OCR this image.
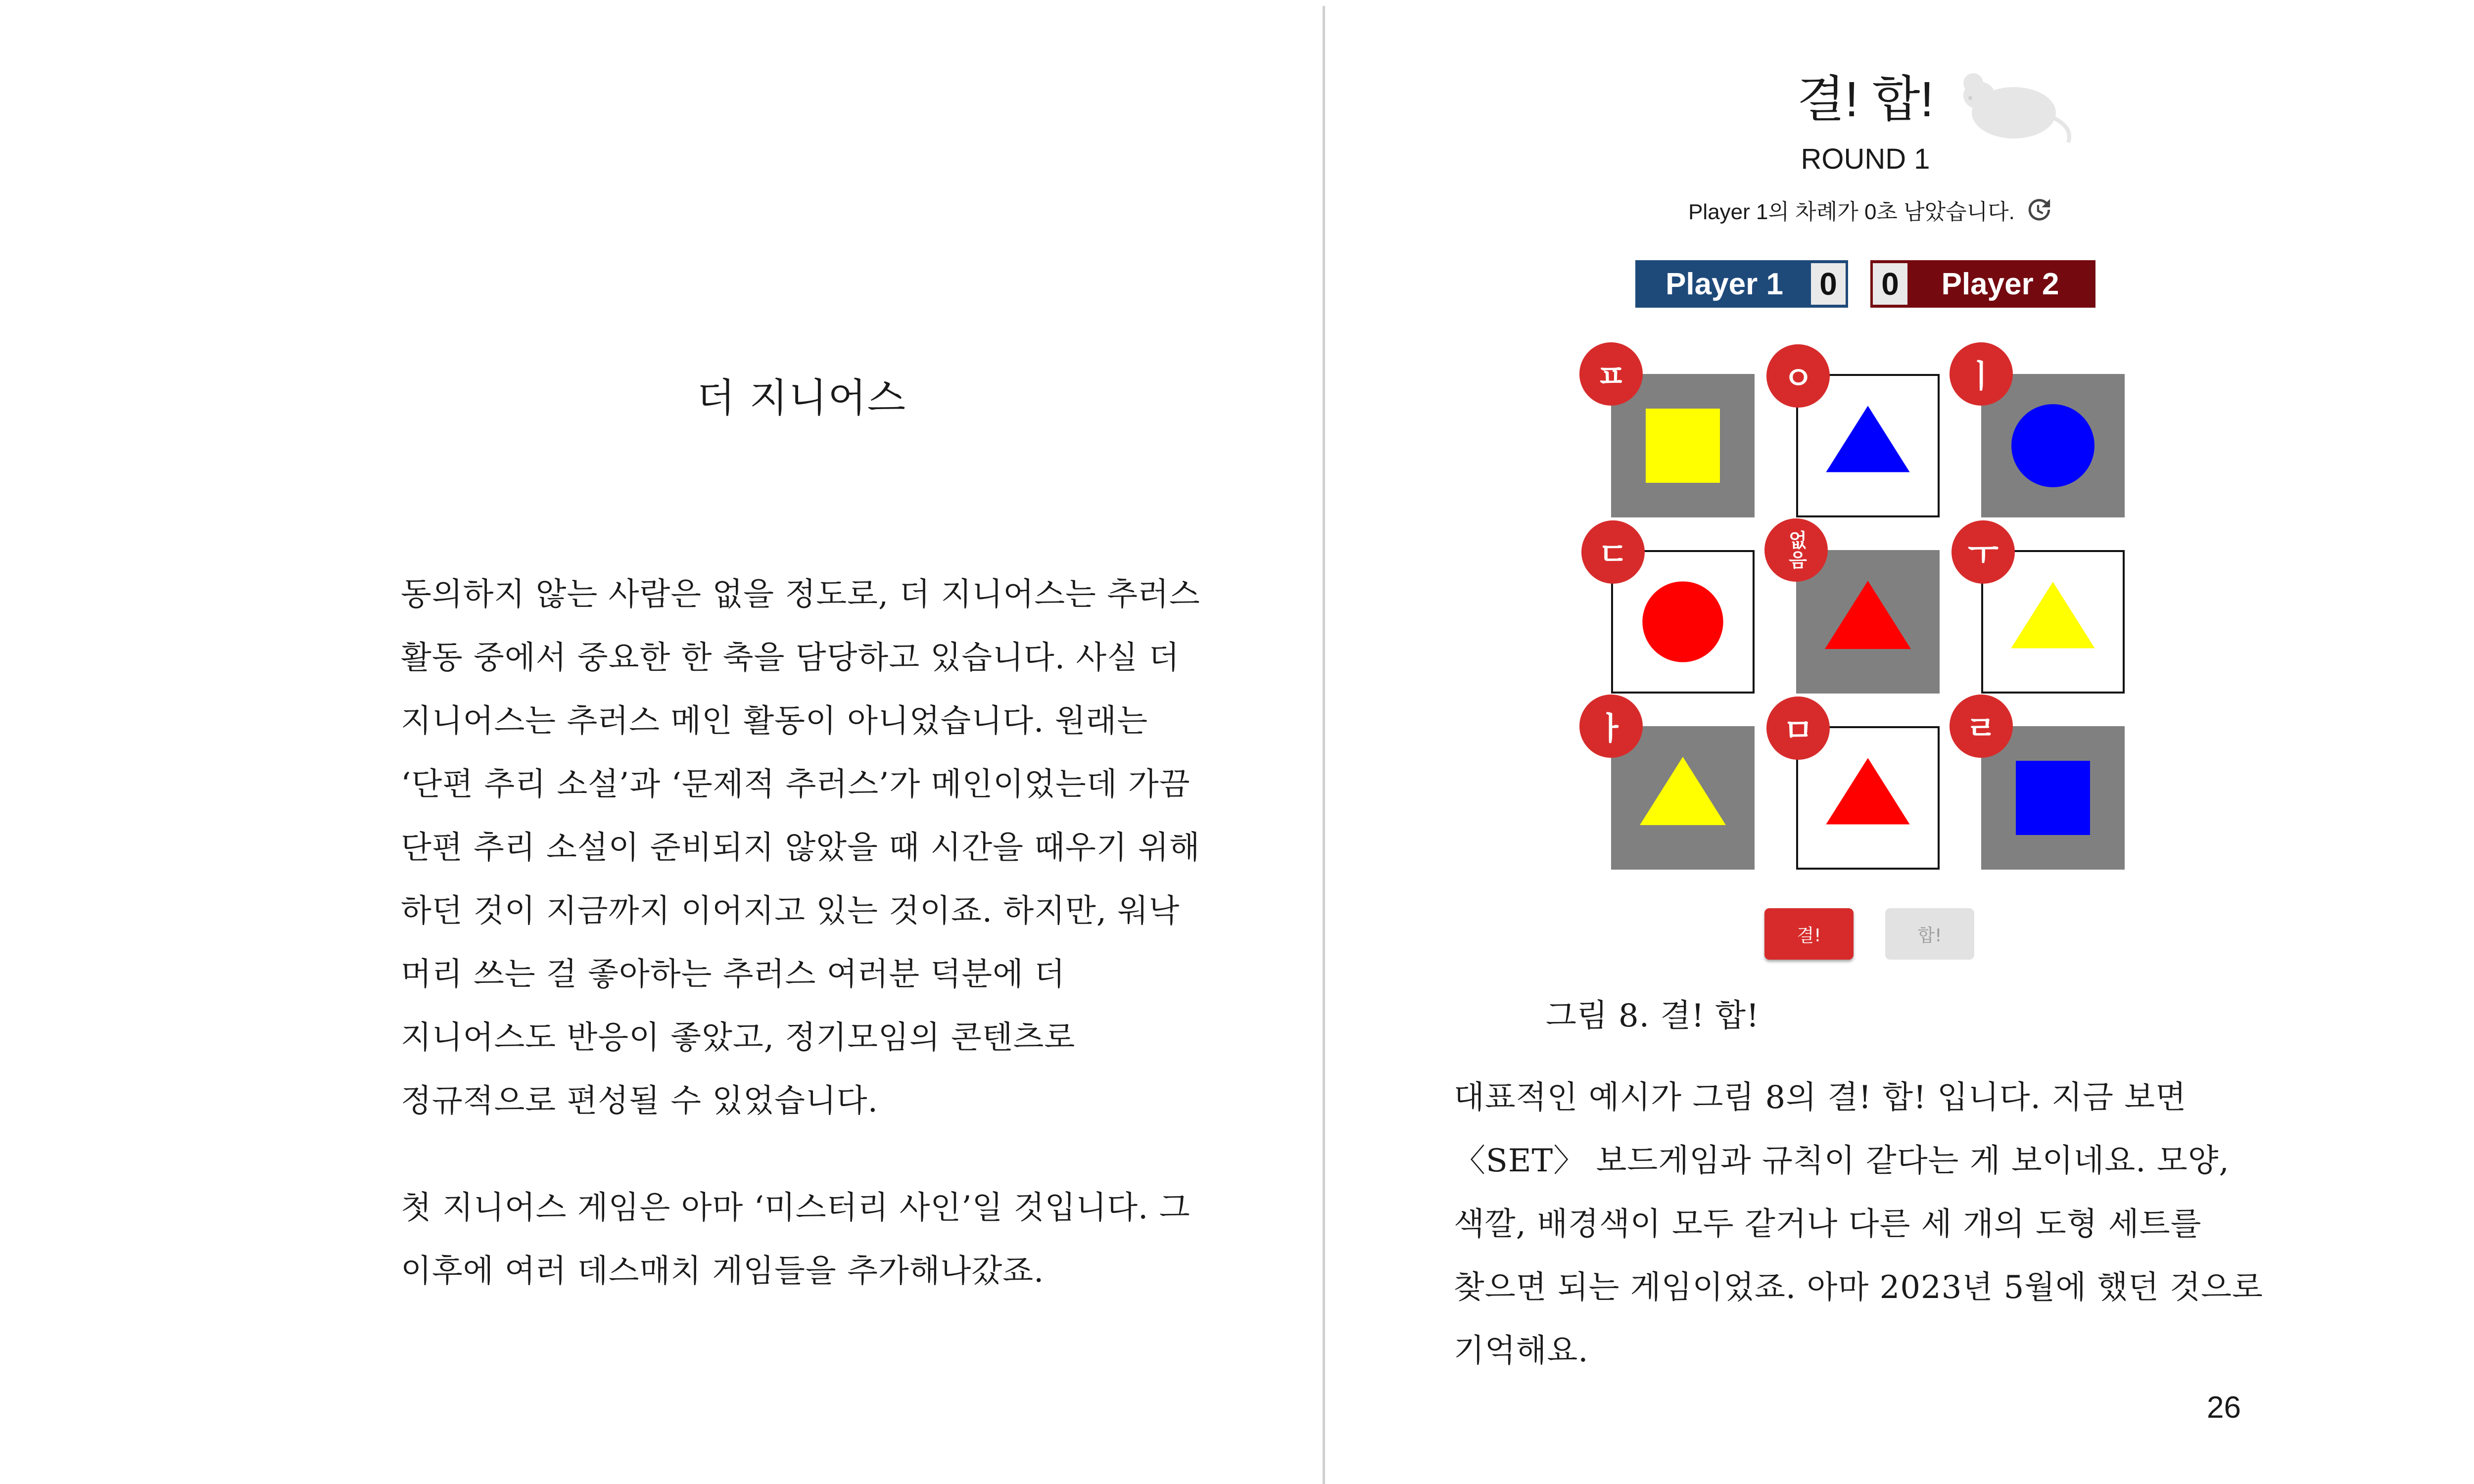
더 지니어스

동의하지 않는 사람은 없을 정도로, 더 지니어스는 추러스 활동 중에서 중요한 한 축을 담당하고 있습니다. 사실 더 지니어스는 추러스 메인 활동이 아니었습니다. 원래는 ‘단편 추리 소설’과 ‘문제적 추러스’가 메인이었는데 가끔 단편 추리 소설이 준비되지 않았을 때 시간을 때우기 위해 하던 것이 지금까지 이어지고 있는 것이죠. 하지만, 워낙 머리 쓰는 걸 좋아하는 추러스 여러분 덕분에 더 지니어스도 반응이 좋았고, 정기모임의 콘텐츠로 정규적으로 편성될 수 있었습니다.

첫 지니어스 게임은 아마 ‘미스터리 사인’일 것입니다. 그 이후에 여러 데스매치 게임들을 추가해나갔죠.

결! 합!
ROUND 1
Player 1의 차례가 0초 남았습니다.
Player 1	0 0	Player 2
ㅍ	ㅇ	ㅣ
ㄷ	없음	ㅜ
ㅏ	ㅁ	ㄹ
결!	합!
그림 8. 결! 합!

대표적인 예시가 그림 8의 결! 합! 입니다. 지금 보면 〈SET〉 보드게임과 규칙이 같다는 게 보이네요. 모양, 색깔, 배경색이 모두 같거나 다른 세 개의 도형 세트를 찾으면 되는 게임이었죠. 아마 2023년 5월에 했던 것으로 기억해요.

26
